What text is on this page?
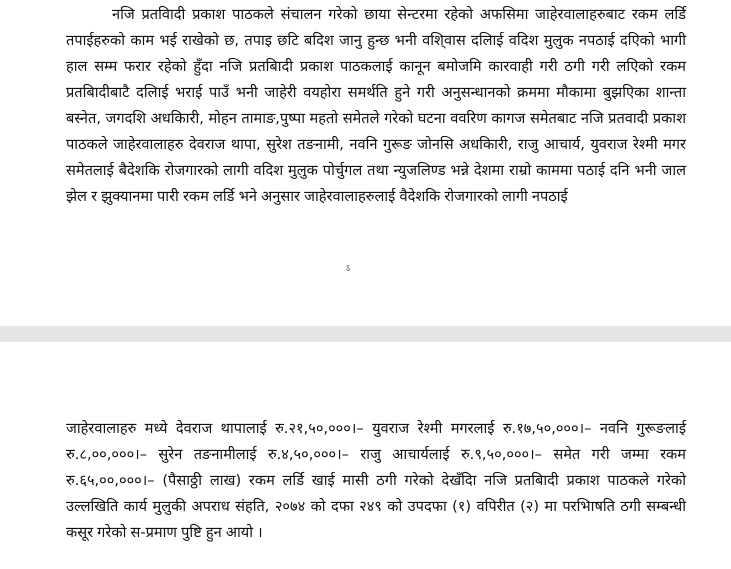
नजि प्रतविादी प्रकाश पाठकले संचालन गरेको छाया सेन्टरमा रहेको अफसिमा जाहेरवालाहरुबाट रकम लर्डि तपाईहरुको काम भई राखेको छ, तपाइ छटि बदिश जानु हुन्छ भनी वशि्वास दलिाई वदिश मुलुक नपठाई दएिको भागी हाल सम्म फरार रहेको हुँदा नजि प्रतबिादी प्रकाश पाठकलाई कानून बमोजमि कारवाही गरी ठगी गरी लएिको रकम प्रतबिादीबाटै दलिाई भराई पाउँ भनी जाहेरी वयहोरा समर्थति हुने गरी अनुसन्धानको क्रममा मौकामा बुझएिका शान्ता बस्नेत, जगदशि अधकिारी, मोहन तामाङ,पुष्पा महतो समेतले गरेको घटना ववरिण कागज समेतबाट नजि प्रतवादी प्रकाश पाठकले जाहेरवालाहरु देवराज थापा, सुरेश तङनामी, नवनि गुरूङ जोनसि अधकिारी, राजु आचार्य, युवराज रेश्मी मगर समेतलाई बैदेशकि रोजगारको लागी वदिश मुलुक पोर्चुगल तथा न्युजलिण्ड भन्ने देशमा राम्रो काममा पठाई दनि भनी जाल झेल र झुक्यानमा पारी रकम लर्डि भने अनुसार जाहेरवालाहरुलाई वैदेशकि रोजगारको लागी नपठाई

ऽ

जाहेरवालाहरु मध्ये देवराज थापालाई रु.२१,५०,०००।– युवराज रेश्मी मगरलाई रु.१७,५०,०००।– नवनि गुरूङलाई रु.८,००,०००।– सुरेन तङनामीलाई रु.४,५०,०००।– राजु आचार्यलाई रु.९,५०,०००।– समेत गरी जम्मा रकम रु.६५,००,०००।– (पैसाठ्ठी लाख) रकम लर्डि खाई मासी ठगी गरेको देखँदिा नजि प्रतबिादी प्रकाश पाठकले गरेको उल्लखिति कार्य मुलुकी अपराध संहति, २०७४ को दफा २४९ को उपदफा (१) वपिरीत (२) मा परभिाषति ठगी सम्बन्धी कसूर गरेको स-प्रमाण पुष्टि हुन आयो ।
